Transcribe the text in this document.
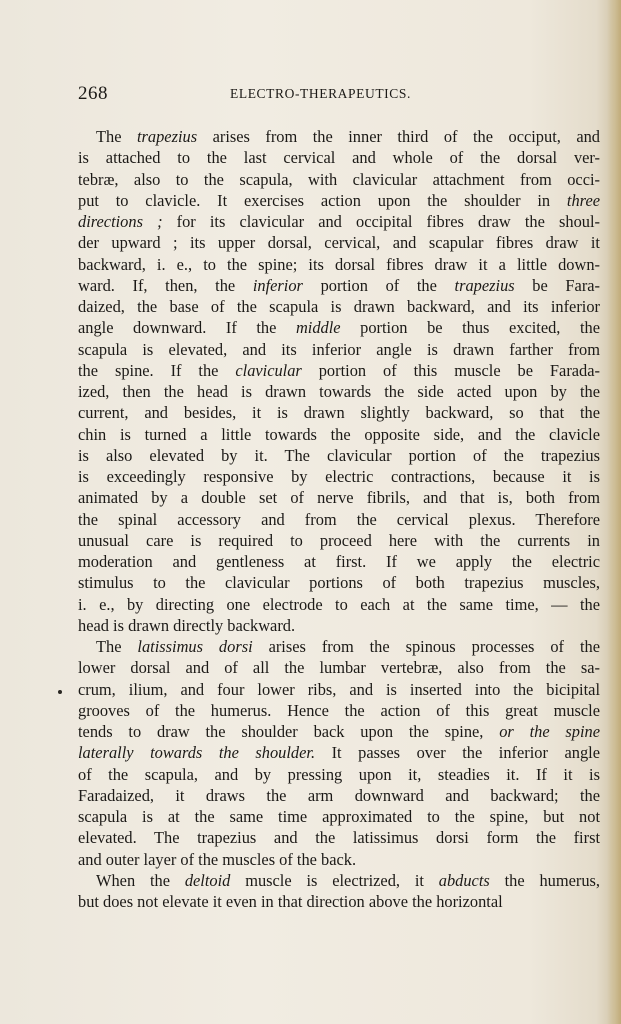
268	ELECTRO-THERAPEUTICS.
The trapezius arises from the inner third of the occiput, and
is attached to the last cervical and whole of the dorsal ver-
tebræ, also to the scapula, with clavicular attachment from occi-
put to clavicle. It exercises action upon the shoulder in three
directions ; for its clavicular and occipital fibres draw the shoul-
der upward ; its upper dorsal, cervical, and scapular fibres draw it
backward, i. e., to the spine; its dorsal fibres draw it a little down-
ward. If, then, the inferior portion of the trapezius be Fara-
daized, the base of the scapula is drawn backward, and its inferior
angle downward. If the middle portion be thus excited, the
scapula is elevated, and its inferior angle is drawn farther from
the spine. If the clavicular portion of this muscle be Farada-
ized, then the head is drawn towards the side acted upon by the
current, and besides, it is drawn slightly backward, so that the
chin is turned a little towards the opposite side, and the clavicle
is also elevated by it. The clavicular portion of the trapezius
is exceedingly responsive by electric contractions, because it is
animated by a double set of nerve fibrils, and that is, both from
the spinal accessory and from the cervical plexus. Therefore
unusual care is required to proceed here with the currents in
moderation and gentleness at first. If we apply the electric
stimulus to the clavicular portions of both trapezius muscles,
i. e., by directing one electrode to each at the same time, — the
head is drawn directly backward.
The latissimus dorsi arises from the spinous processes of the
lower dorsal and of all the lumbar vertebræ, also from the sa-
crum, ilium, and four lower ribs, and is inserted into the bicipital
grooves of the humerus. Hence the action of this great muscle
tends to draw the shoulder back upon the spine, or the spine
laterally towards the shoulder. It passes over the inferior angle
of the scapula, and by pressing upon it, steadies it. If it is
Faradaized, it draws the arm downward and backward; the
scapula is at the same time approximated to the spine, but not
elevated. The trapezius and the latissimus dorsi form the first
and outer layer of the muscles of the back.
When the deltoid muscle is electrized, it abducts the humerus,
but does not elevate it even in that direction above the horizontal
